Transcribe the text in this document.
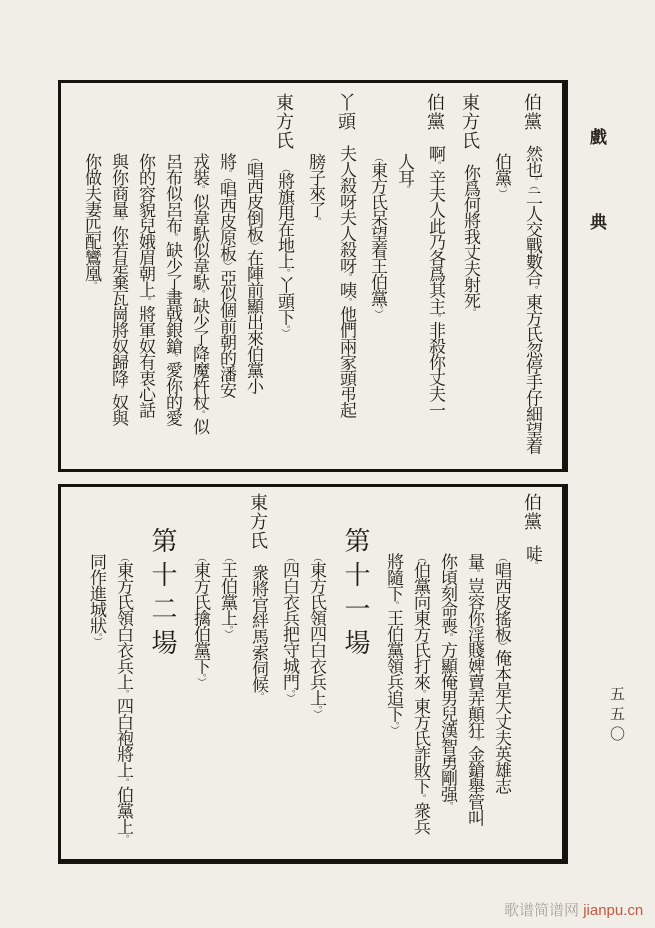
戲典
五五〇
伯黨然也。（二人交戰數合。東方氏忽停手仔細望着
伯黨。）
東方氏你爲何將我丈夫射死。
伯黨啊。辛夫人此乃各爲其主。非殺你丈夫一
人耳。
（東方氏呆望着王伯黨。）
丫頭夫人殺呀夫人殺呀。咦。他們兩家頭弔起
膀子來了。
東方氏（將旗甩在地上。丫頭下。）
（唱西皮倒板）在陣前顯出來伯黨小
將。（唱西皮原板）亞似個前朝的潘安
戎裝。似韋馱似韋馱。缺少了降魔杵杖。似
呂布似呂布。缺少了畫戟銀鎗。愛你的愛
你的容貌兒娥眉朝上。將軍奴有衷心話
與你商量。你若是棄瓦崗將奴歸降。奴與
你做夫妻匹配鸞凰。
伯黨唗。
（唱西皮搖板）俺本是大丈夫英雄志
量。豈容你淫賤婢賣弄顛狂。金鎗舉管叫
你頃刻命喪。方顯俺男兒漢智勇剛强。
（伯黨向東方氏打來。東方氏詐敗下。衆兵
將隨下。王伯黨領兵追下。）
第十一場
（東方氏領四白衣兵上。）
（四白衣兵把守城門。）
東方氏衆將官絆馬索伺候。
（王伯黨上。）
（東方氏擒伯黨下。）
第十二場
（東方氏領白衣兵上。四白袍將上。伯黨上。
同作進城狀。）
歌谱简谱网 jianpu.cn
